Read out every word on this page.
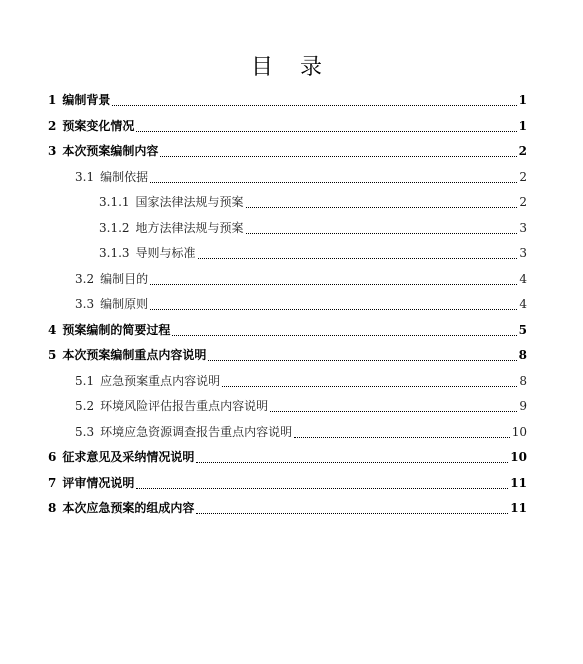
目 录
1 编制背景	1
2 预案变化情况	1
3 本次预案编制内容	2
3.1 编制依据	2
3.1.1 国家法律法规与预案	2
3.1.2 地方法律法规与预案	3
3.1.3 导则与标准	3
3.2 编制目的	4
3.3 编制原则	4
4 预案编制的简要过程	5
5 本次预案编制重点内容说明	8
5.1 应急预案重点内容说明	8
5.2 环境风险评估报告重点内容说明	9
5.3 环境应急资源调查报告重点内容说明	10
6 征求意见及采纳情况说明	10
7 评审情况说明	11
8 本次应急预案的组成内容	11
